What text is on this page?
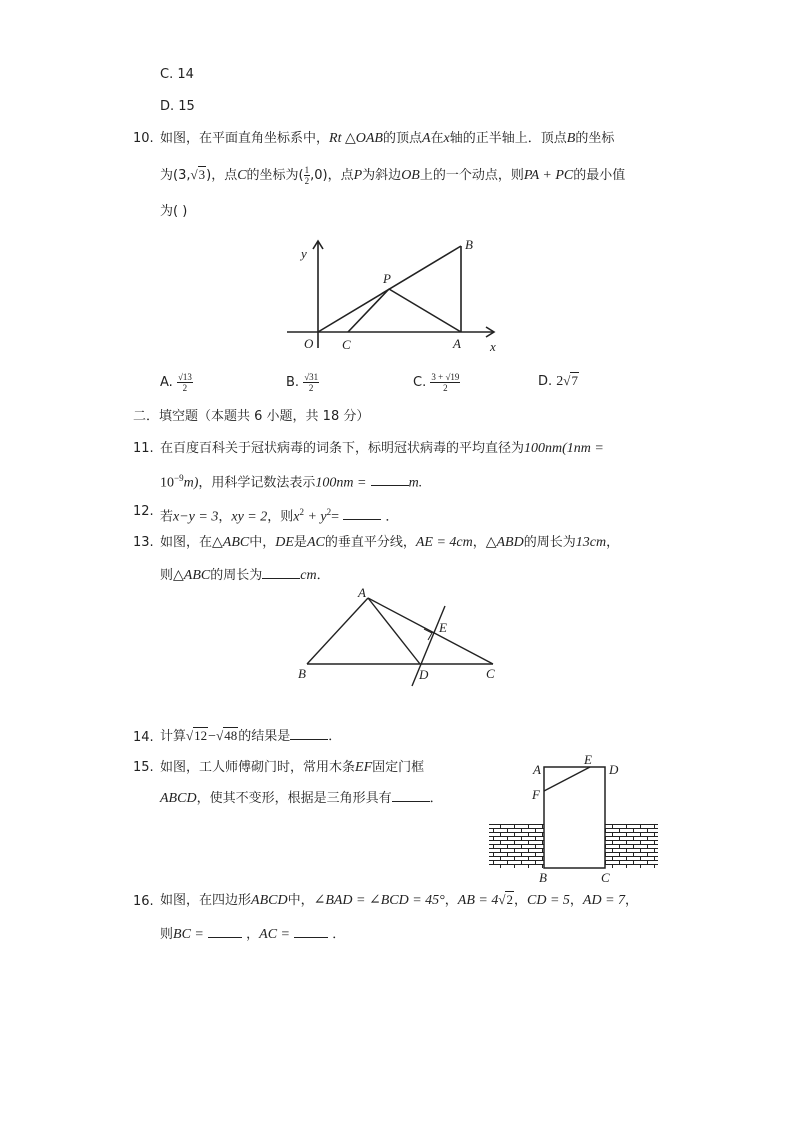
C. 14
D. 15
10. 如图，在平面直角坐标系中，Rt △OAB的顶点A在x轴的正半轴上．顶点B的坐标
为(3,√3)，点C的坐标为( $\frac{1}{2} ,0$)，点P为斜边OB上的一个动点，则PA + PC的最小值
为( )
y
x
O C	A
B
P
A. $\frac{√13}{2}$	B. $\frac{√31}{2}$	C. $\frac{3 + √19}{2}$	D. 2√7
二．填空题（本题共 6 小题，共 18 分）
11. 在百度百科关于冠状病毒的词条下，标明冠状病毒的平均直径为100nm(1nm =
$10^{-9}m$)，用科学记数法表示100nm =	m.
12. 若x−y = 3，xy = 2，则$x^2 + y^2=$	．
13. 如图，在△ABC中，DE是AC的垂直平分线，AE = 4cm，△ABD的周长为13cm，
则△ABC的周长为	cm．
A
B	C
D
E
14. 计算√12−√48的结果是	．
15. 如图，工人师傅砌门时，常用木条EF固定门框
ABCD，使其不变形，根据是三角形具有	．
A
E
D
F
B	C
16. 如图，在四边形ABCD中，∠BAD = ∠BCD = 45°，AB = 4√2，CD = 5，AD = 7，
则BC =	，AC =	．
